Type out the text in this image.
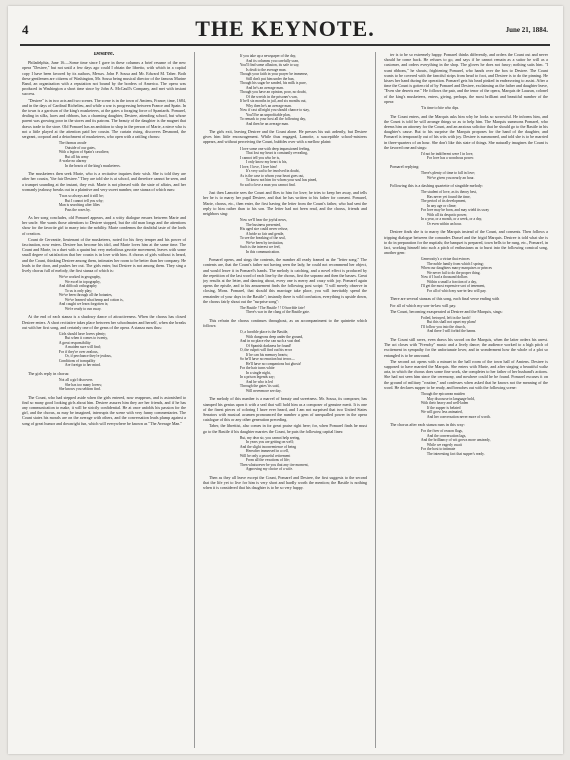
4	THE KEYNOTE.	June 21, 1884.
Desiree.

Philadelphia, June 16.—Some time since I gave in these columns a brief resume of the new opera "Desiree," but not until a few days ago could I obtain the libretto, with which in a capital copy I have been favored by its authors, Messrs. John P. Sousa and Mr. Edward M. Taber. Both these gentlemen are citizens of Washington, Mr. Sousa being musical director of the famous Marine Band, an organization with a reputation not bound by the borders of America. The opera was produced in Washington a short time since by John A. McCaull's Company, and met with instant success.

"Desiree" is in two acts and two scenes. The scene is in the town of Amiens, France; time, 1684, and in the days of Cardinal Richelieu, and while a war is progressing between France and Spain. In the town is a garrison of the king's musketeers, at the gates a foraging force of Spaniards. Pomarel, dealing in silks, laces and ribbons, has a charming daughter, Desiree, attending school, but whose parent was growing poor in the stores and its patrons. The beauty of the daughter is the magnet that draws trade to the store. Old Pomarel has an ambition to shop in the person of Marie, a niece who is not a little played at the attention paid her cousin. The curtain rising, discovers Desmond, the sergeant, corporal and a detachment of musketeers, who open with a rattling chorus:

The thomas aroule
Outside of our gates,
With a legion of Spain's cavaliers;
But all his army
A-wake no alarmy
In the hearts of the king's musketeers.

The musketeers then seek Marie, who is a recitative inquires their wish. She is told they are after her cousin, "the fair Desiree." They are told she is at school, and therefore cannot be seen, and a trumpet sounding at the instant, they exit. Marie is not pleased with the state of affairs, and her womanly jealousy breaks out in a plaintive and very sweet number, one stanza of which runs:

'Twas so always and it still be;
But I cannot tell you why;
Man is searching after lilies
Pass the roses by.

As her song concludes, old Pomarel appears, and a witty dialogue ensues between Marie and her uncle. She wants those attentions to Desiree stopped, but the old man longs and the attentions show for the favorite girl to marry into the nobility. Marie condemns the doubtful taste of the lords of creation.

Count de Cervantie, lieutenant of the musketeers, noted for his fiery temper and his power of fascination, now enters. Desiree has become his idol, and Marie loves him at the same time. The Count and Marie, in a duet with a quaint but very melodious gavotte movement, leaves with some small degree of satisfaction that her cousin is in love with him. A chorus of girls without is heard, and the Count, thinking Desiree among them, intimates her room to be better than her company. He leads to the door, and pushes her out. The girls enter, but Desiree is not among them. They sing a lively chorus full of melody, the first stanza of which is:

We've worked in geography,
We excel in topography,
And difficult orthography
To us is only play;
We've been through all the botanies,
We've learned what hemp and cotton is,
And caught we learn forgotten is;
We're ready to run away.

At the end of each stanza is a shadowy dance of attractiveness. When the chorus has closed Desiree enters. A short recitative takes place between her schoolmates and herself, when she breaks out with her first song, and certainly one of the gems of the opera. A stanza runs thus:

Girls should have lovers plenty;
But when it comes to twenty,
A great responsibility
A maiden sure will find;
For if they're over zealous,
Or, if perchance they're jealous,
Conditions of tranquility
Are foreign to her mind.

The girls reply in chorus:

Not all a girl discovers
She has too many lovers;
She knows you seldom find.

The Count, who had stepped aside when the girls entered, now reappears, and is astonished to find so many good looking girls about him. Desiree assures him they are her friends, and if he has any communication to make, it will be strictly confidential. He at once unfolds his passion for the girl, and the chorus, as may be imagined, interrupts the scene with very funny commentaries. The Count states his morals are on the average with others, and the conversation leads plump against a song of great humor and downright fun, which will everywhere be known as "The Average Man."

If you take up a newspaper of the day,
And its columns you carefully scan,
You'll find some allusion, its safe to say,
Is dealt to the average man.
Though your faith in your prayer be immense,
Still don't put him under the ban,
Though his sugar be sanded, his milk is pure,
And he's an average man.
Though you have an opinion, poor, no doubt,
Of the wretch in the prisoner's van,
If he'd six months in jail, and six months out,
Why then he's an average man.
Now if cast all night you should chance to stay,
You'll be an unprofitable plan,
To remark to your host all the following day,
And then be an average man.

The girls exit, leaving Desiree and the Count alone. He presses his suit ardently, but Desiree gives him little encouragement. While thus engaged, Lamotte, a susceptible school-mistress appears, and without perceiving the Count, bubbles over with a mellow plaint:

I love some one with deep impassioned feeling,
That lost my heart is constantly revealing,
I cannot tell you who he is,
I only know my heart is his,
I love, I love, I love him!
It's very sad to be involved in doubt,
As is the case to whom your heart goes out,
To know not him for whom your soul has pined,
So sad to love a man you cannot find.

Just then Lamotte sees the Count and flies to him for love; he tries to keep her away, and tells her he is to marry her pupil Desiree, and that he has written to his father for consent. Pomarel, Marie, chorus, etc., then enter, the first having the letter from the Count's father, who had sent the reply to him rather than to his son. The letter had not been read, and the chorus, friends and neighbors sing:

Now we'll hear the joyful news,
The business presented,
His aged sire could never refuse,
A bride so fair and gentle,
To see the breaking of the seal,
We've been by invitation,
Such is the interest we feel,
In this communication.

Pomarel opens, and sings the contents, the number all ready framed as the "letter song." The contents are, that the Count's father not having seen the lady, he could not recommend her object, and would leave it in Pomarel's hands. The melody is catching, and a novel effect is produced by the repetition of the last word of each line by the chorus, first the soprano and then the basses. Great joy results at the letter, and dancing about, every one is merry and crazy with joy. Pomarel again opens the epistle, and to his amusement finds the following post script: "I will merely observe in closing, Mons. Pomarel, that should this marriage take place, you will inevitably spend the remainder of your days in the Bastile"; instantly there is wild confusion, everything is upside down, the chorus fairly shout out the "surprise song":

The Bastile ! The Bastile ! ! O horrible fate!
There's war in the clang of the Bastile gate.

This refrain the chorus continues throughout, as an accompaniment to the quintette which follows:

O, a horrible place is the Bastile,
With dungeons deep under the ground,
And in no place else can such a vast deal
Of Spanish darkness be found!
O, the culprit will find out his error
If he can his memory hearts;
So he'll have no emotion but terror—
He'll have no companions but ghosts!
For the hair turns white
In a single night,
In a prison legends say;
And he who is led
Through the gates 'tis said,
Will nevermore see day.

The melody of this number is a marvel of beauty and sweetness. Mr. Sousa, its composer, has stamped his genius upon it with a seal that will hold him as a composer of genuine merit. It is one of the finest pieces of coloring I have ever heard, and I am not surprised that two United States Senators with musical acumen pronounced the number a gem of unequalled power in the opera catalogue of this or any other generation preceding.

Taber, the librettist, also comes in for great praise right here; for, when Pomarel finds he must go to the Bastile if his daughter marries the Count, he puts the following capital lines:

But, my dear sir, you cannot help seeing,
In years you are getting on well;
And the slight inconvenience of being
Hereafter immersed in a cell,
Will be only a peaceful retirement
From all the vexations of life;
Then whatsoever be you that any tire moment,
Approving my choice of a wife.

Then as they all leave except the Count, Pomarel and Desiree, the first suggests to the second that the life yet to live for him is very short and hardly worth the mention; the Bastile is nothing when it is considered that his daughter is to be so very happy.

ter is to be so extremely happy. Pomarel thinks differently, and orders the Count out and never should he come back. He refuses to go, and says if he cannot remain as a suitor he will as a customer, and orders everything in the shop. The gloves he does not fancy; nothing suits him. "I want ribbons," he shouts, frightening Pomarel, who hands over the box to Desiree. The Count wants to be covered with the fanciful strips from head to foot, and Desiree is to do the pinning. He kisses her hand during the operation. Pomarel gets his head pinked in endeavoring to assist. After a time the Count is gotten rid of by Pomarel and Desiree, exclaiming as the father and daughter leave, "Even she deserts me." He follows the pair, and the tenor of the opera, Marquis de Lauzun, colonel of the king's musketeers, enters, giving, perhaps, the most brilliant and beautiful number of the opera:

'Tis time to bite who dips.

The Count enters, and the Marquis asks him why he looks so sorrowful. He informs him, and the Count is told he will arrange things so as to help him. The Marquis summons Pomarel, who deems him an attorney for the Count, and an anxious solicitor that he should go to the Bastile in his daughter's cause. But to his surprise the Marquis proposes for the hand of the daughter, and Pomarel is temporarily out of his wits with joy. Desiree is summoned, and told she is to be married in three-quarters of an hour. She don't like this state of things. She naturally imagines the Count is the favored one and sings:

I'd not be indifferent were I in love,
For love has a wondrous power.

Pomarel replying:

There's plenty of time to fall in love;
We've given you nearly an hour.

Following this is a dashing quartette of singable melody:

The student of love, as its theory best,
Has never yet found the time,
The period of its development,
In any age or clime;
For love may be born, and may wield its sway
With all its despotic power,
In a year, or a month, or a week, or a day,
Or even within an hour.

Desiree finds she is to marry the Marquis instead of the Count, and consents. Then follows a tripping dialogue between the comrades Dussel and the frigid Marquis. Desiree is told what she is to do in preparation for the nuptials; the banquet is prepared, town bells to be rung, etc., Pomarel, in fact, working himself into such a pitch of enthusiasm as to burst into the following comical song, another gem:

Generosity's a virtue that evinces
The noble family from which I spring;
When our daughters marry marquises or princes
We never fail to do the proper thing.
Now if I had a thousand dollars
Within a small a fraction of a day,
I'll get the most expensive sort of tenement,
For all of which my son-in-law will pay.

There are several stanzas of this song, each final verse ending with

For all of which my son-in-law will pay.

The Count, becoming exasperated at Desiree and the Marquis, sings:

Foiled, betrayed, left in the lurch!
But this shall not upset my plans!
I'll follow you into the church,
And there I will forbid the banns.

The Count still raves, even draws his sword on the Marquis, when the latter orders his arrest. The act closes with "Frenchy" music and a lively dance; the audience worked to a high pitch of excitement in sympathy for the unfortunate lover, and in wonderment how the whole of a plot so entangled is to be unwound.

The second act opens with a minuet in the ball room of the town hall of Amiens. Desiree is supposed to have married the Marquis. She enters with Marie, and after singing a beautiful waltz aria, in which the chorus does some fine work, she completes to her father of her husband's actions. She had not seen him since the ceremony, and nowhere could he be found. Pomarel excuses it on the ground of military "routine," and confesses when asked that he knows not the meaning of the word. He declares supper to be ready, and breaches out with the following scene:

Though the epicurean maiden
May discourse in language bold,
With their heavy and well-laden
If the supper is belated
We will grow less animated,
And her conversation never more of worth.

The chorus after each stanza runs in this way:

For the fiver of reason flags,
And the conversation lags,
And the brilliancy of wit grows more unsteady,
While we eagerly await
For the host to intimate
The interesting fact that supper's ready.
